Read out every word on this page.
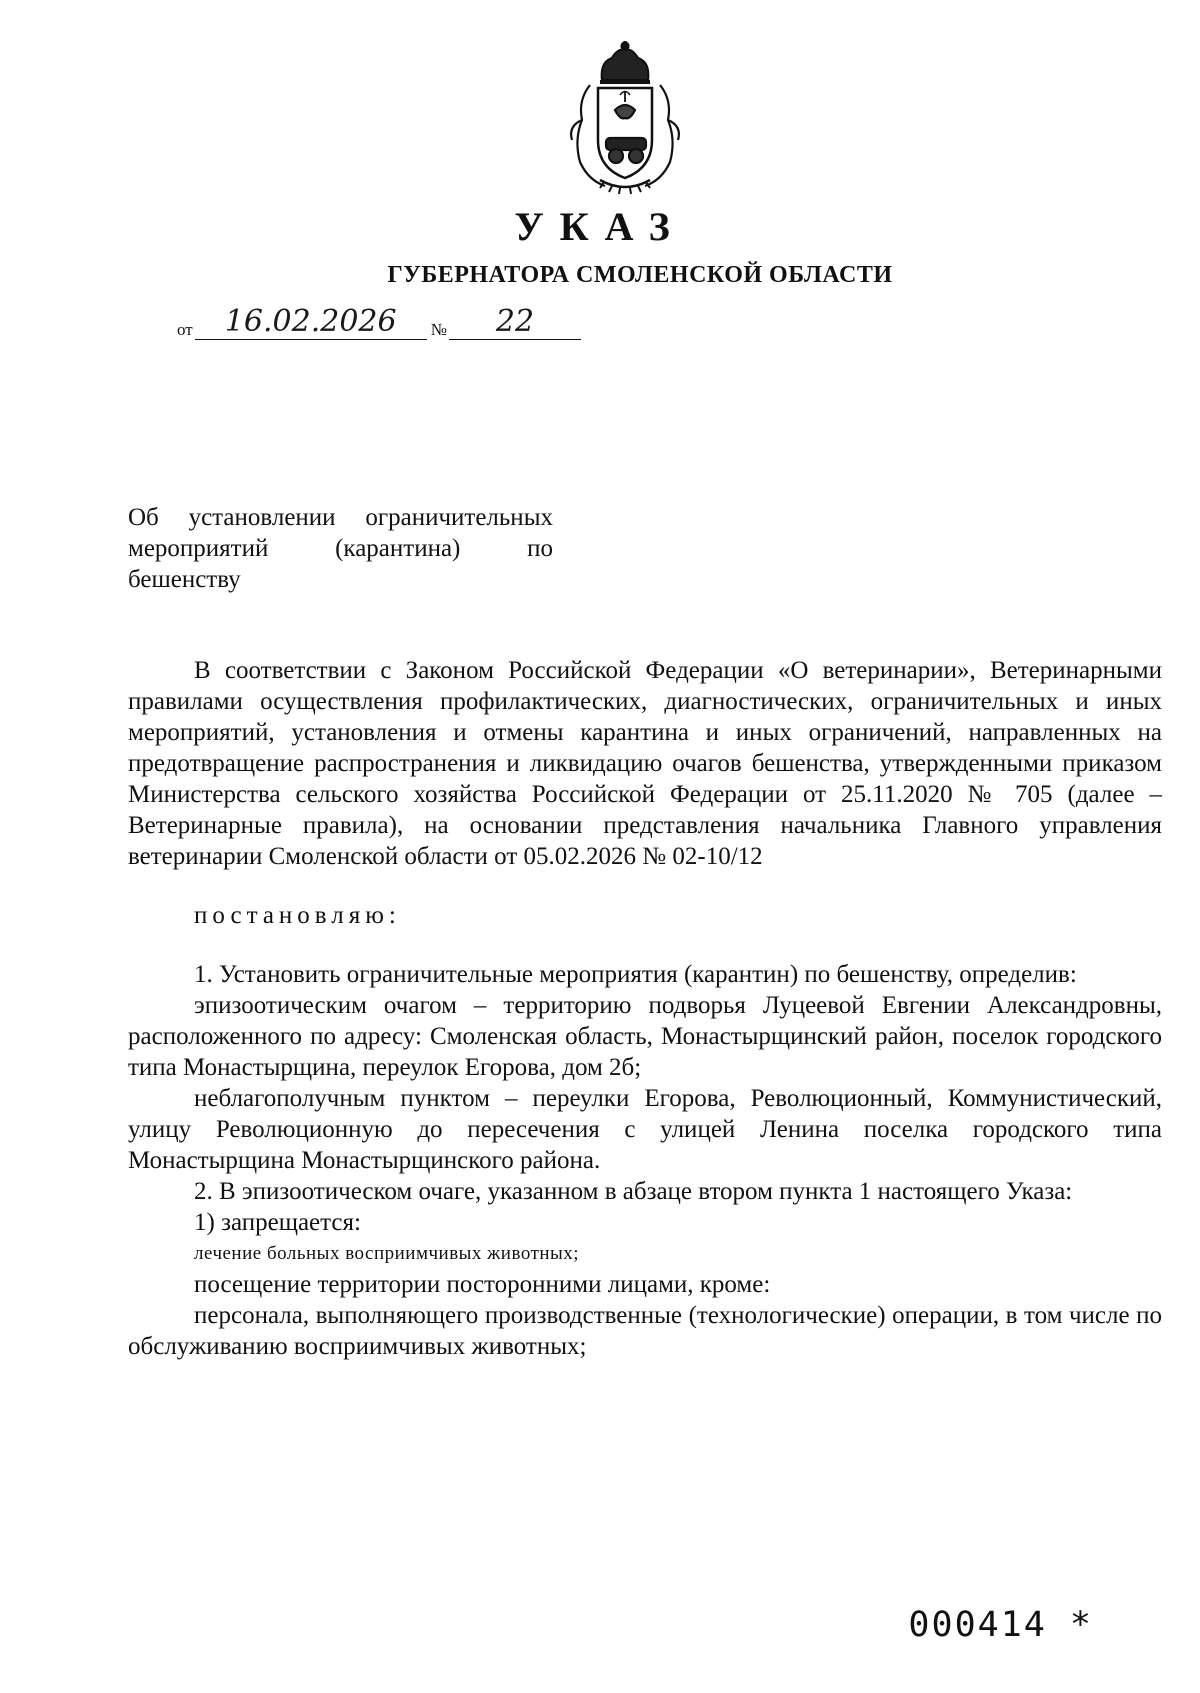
УКАЗ
ГУБЕРНАТОРА СМОЛЕНСКОЙ ОБЛАСТИ
от 16.02.2026 № 22
Об установлении ограничительных
мероприятий (карантина) по
бешенству

В соответствии с Законом Российской Федерации «О ветеринарии», Ветеринарными правилами осуществления профилактических, диагностических, ограничительных и иных мероприятий, установления и отмены карантина и иных ограничений, направленных на предотвращение распространения и ликвидацию очагов бешенства, утвержденными приказом Министерства сельского хозяйства Российской Федерации от 25.11.2020 № 705 (далее – Ветеринарные правила), на основании представления начальника Главного управления ветеринарии Смоленской области от 05.02.2026 № 02-10/12

постановляю:

1. Установить ограничительные мероприятия (карантин) по бешенству, определив:

эпизоотическим очагом – территорию подворья Луцеевой Евгении Александровны, расположенного по адресу: Смоленская область, Монастырщинский район, поселок городского типа Монастырщина, переулок Егорова, дом 2б;

неблагополучным пунктом – переулки Егорова, Революционный, Коммунистический, улицу Революционную до пересечения с улицей Ленина поселка городского типа Монастырщина Монастырщинского района.

2. В эпизоотическом очаге, указанном в абзаце втором пункта 1 настоящего Указа:

1) запрещается:

лечение больных восприимчивых животных;

посещение территории посторонними лицами, кроме:

персонала, выполняющего производственные (технологические) операции, в том числе по обслуживанию восприимчивых животных;

000414 *
